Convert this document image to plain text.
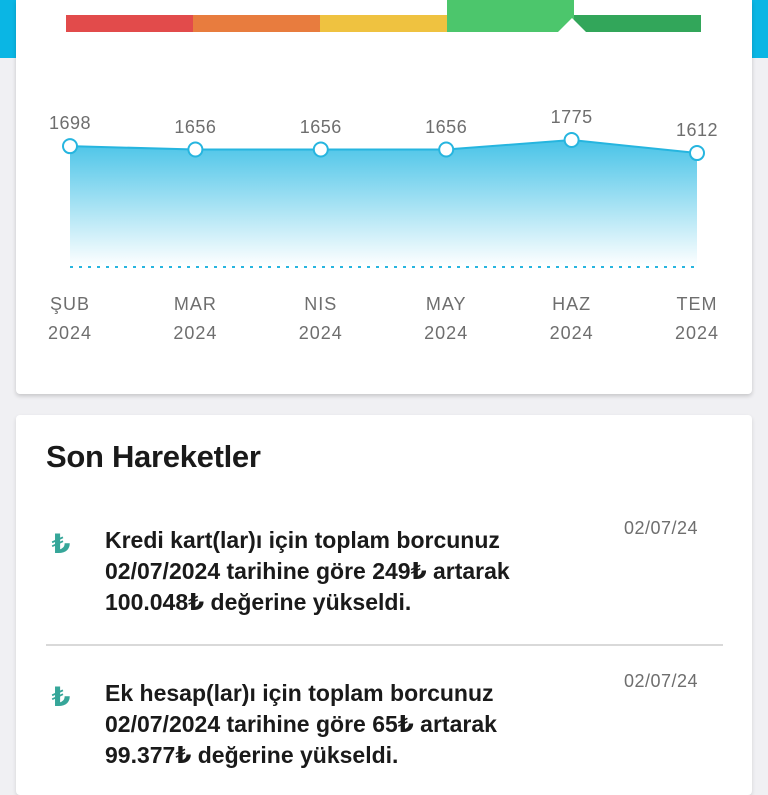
1698
ŞUB
2024
1656
MAR
2024
1656
NIS
2024
1656
MAY
2024
1775
HAZ
2024
1612
TEM
2024
Son Hareketler
₺ Kredi kart(lar)ı için toplam borcunuz
02/07/2024 tarihine göre 249₺ artarak
100.048₺ değerine yükseldi.
02/07/24
₺ Ek hesap(lar)ı için toplam borcunuz
02/07/2024 tarihine göre 65₺ artarak
99.377₺ değerine yükseldi.
02/07/24
